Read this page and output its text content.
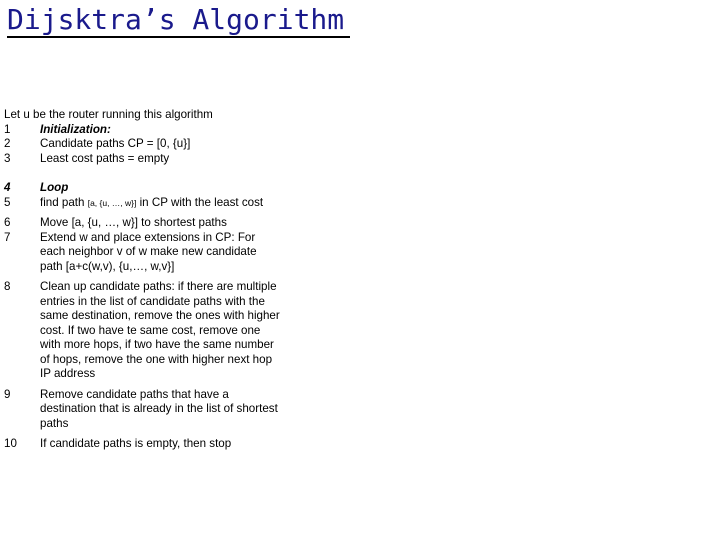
Dijsktra’s Algorithm
Let u be the router running this algorithm
1	Initialization:
2	Candidate paths CP = [0, {u}]
3	Least cost paths = empty
4	Loop
5	find path [a, {u, …, w}] in CP with the least cost
6	Move [a, {u, …, w}] to shortest paths
7	Extend w and place extensions in CP: For each neighbor v of w make new candidate path [a+c(w,v), {u,…, w,v}]
8	Clean up candidate paths: if there are multiple entries in the list of candidate paths with the same destination, remove the ones with higher cost. If two have te same cost, remove one with more hops, if two have the same number of hops, remove the one with higher next hop IP address
9	Remove candidate paths that have a destination that is already in the list of shortest paths
10	If candidate paths is empty, then stop
